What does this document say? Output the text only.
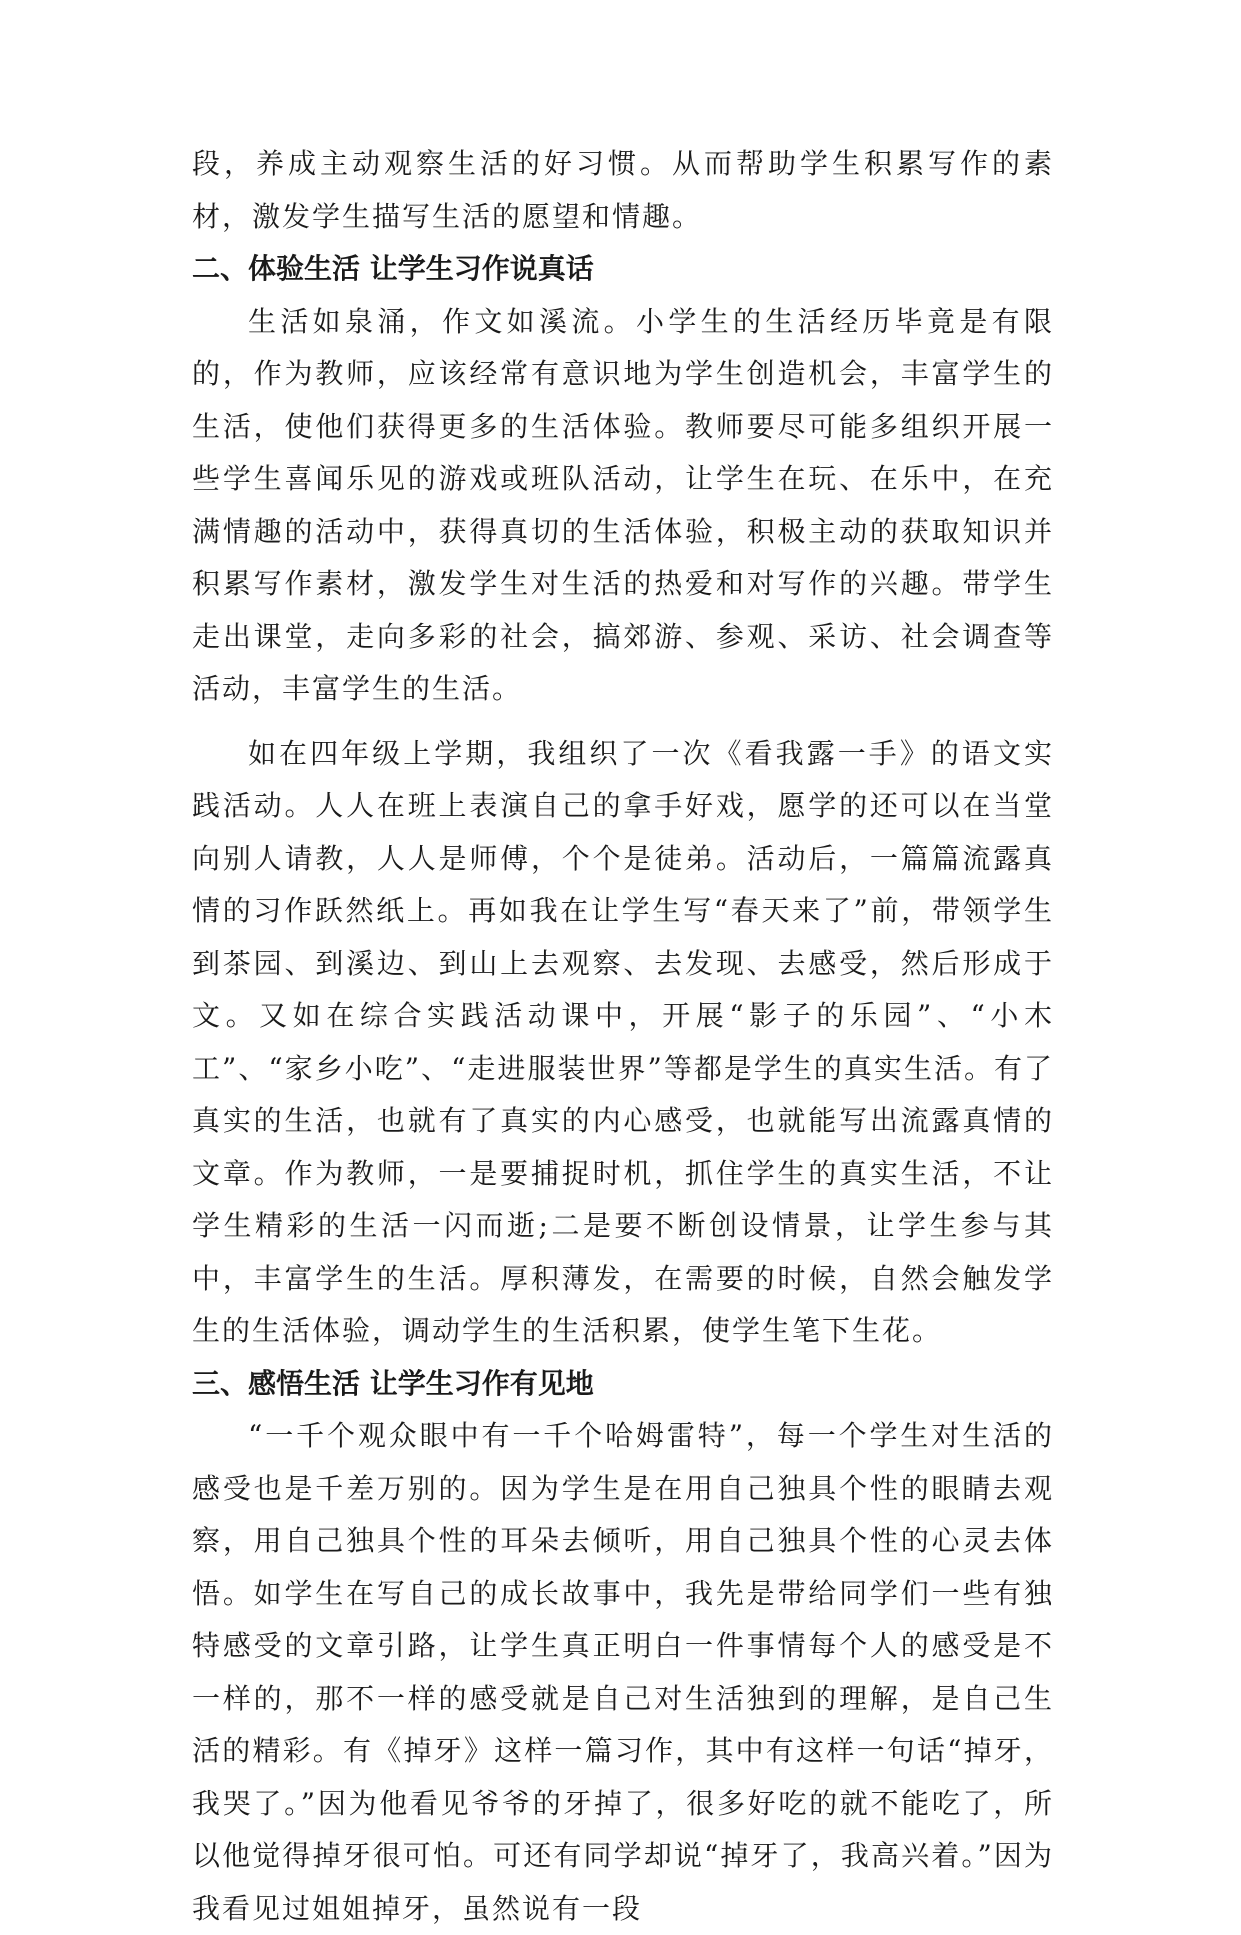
段，养成主动观察生活的好习惯。从而帮助学生积累写作的素材，激发学生描写生活的愿望和情趣。

二、体验生活 让学生习作说真话

生活如泉涌，作文如溪流。小学生的生活经历毕竟是有限的，作为教师，应该经常有意识地为学生创造机会，丰富学生的生活，使他们获得更多的生活体验。教师要尽可能多组织开展一些学生喜闻乐见的游戏或班队活动，让学生在玩、在乐中，在充满情趣的活动中，获得真切的生活体验，积极主动的获取知识并积累写作素材，激发学生对生活的热爱和对写作的兴趣。带学生走出课堂，走向多彩的社会，搞郊游、参观、采访、社会调查等活动，丰富学生的生活。

如在四年级上学期，我组织了一次《看我露一手》的语文实践活动。人人在班上表演自己的拿手好戏，愿学的还可以在当堂向别人请教，人人是师傅，个个是徒弟。活动后，一篇篇流露真情的习作跃然纸上。再如我在让学生写“春天来了”前，带领学生到茶园、到溪边、到山上去观察、去发现、去感受，然后形成于文。又如在综合实践活动课中，开展“影子的乐园”、“小木工”、“家乡小吃”、“走进服装世界”等都是学生的真实生活。有了真实的生活，也就有了真实的内心感受，也就能写出流露真情的文章。作为教师，一是要捕捉时机，抓住学生的真实生活，不让学生精彩的生活一闪而逝;二是要不断创设情景，让学生参与其中，丰富学生的生活。厚积薄发，在需要的时候，自然会触发学生的生活体验，调动学生的生活积累，使学生笔下生花。

三、感悟生活 让学生习作有见地

“一千个观众眼中有一千个哈姆雷特”，每一个学生对生活的感受也是千差万别的。因为学生是在用自己独具个性的眼睛去观察，用自己独具个性的耳朵去倾听，用自己独具个性的心灵去体悟。如学生在写自己的成长故事中，我先是带给同学们一些有独特感受的文章引路，让学生真正明白一件事情每个人的感受是不一样的，那不一样的感受就是自己对生活独到的理解，是自己生活的精彩。有《掉牙》这样一篇习作，其中有这样一句话“掉牙，我哭了。”因为他看见爷爷的牙掉了，很多好吃的就不能吃了，所以他觉得掉牙很可怕。可还有同学却说“掉牙了，我高兴着。”因为我看见过姐姐掉牙，虽然说有一段
